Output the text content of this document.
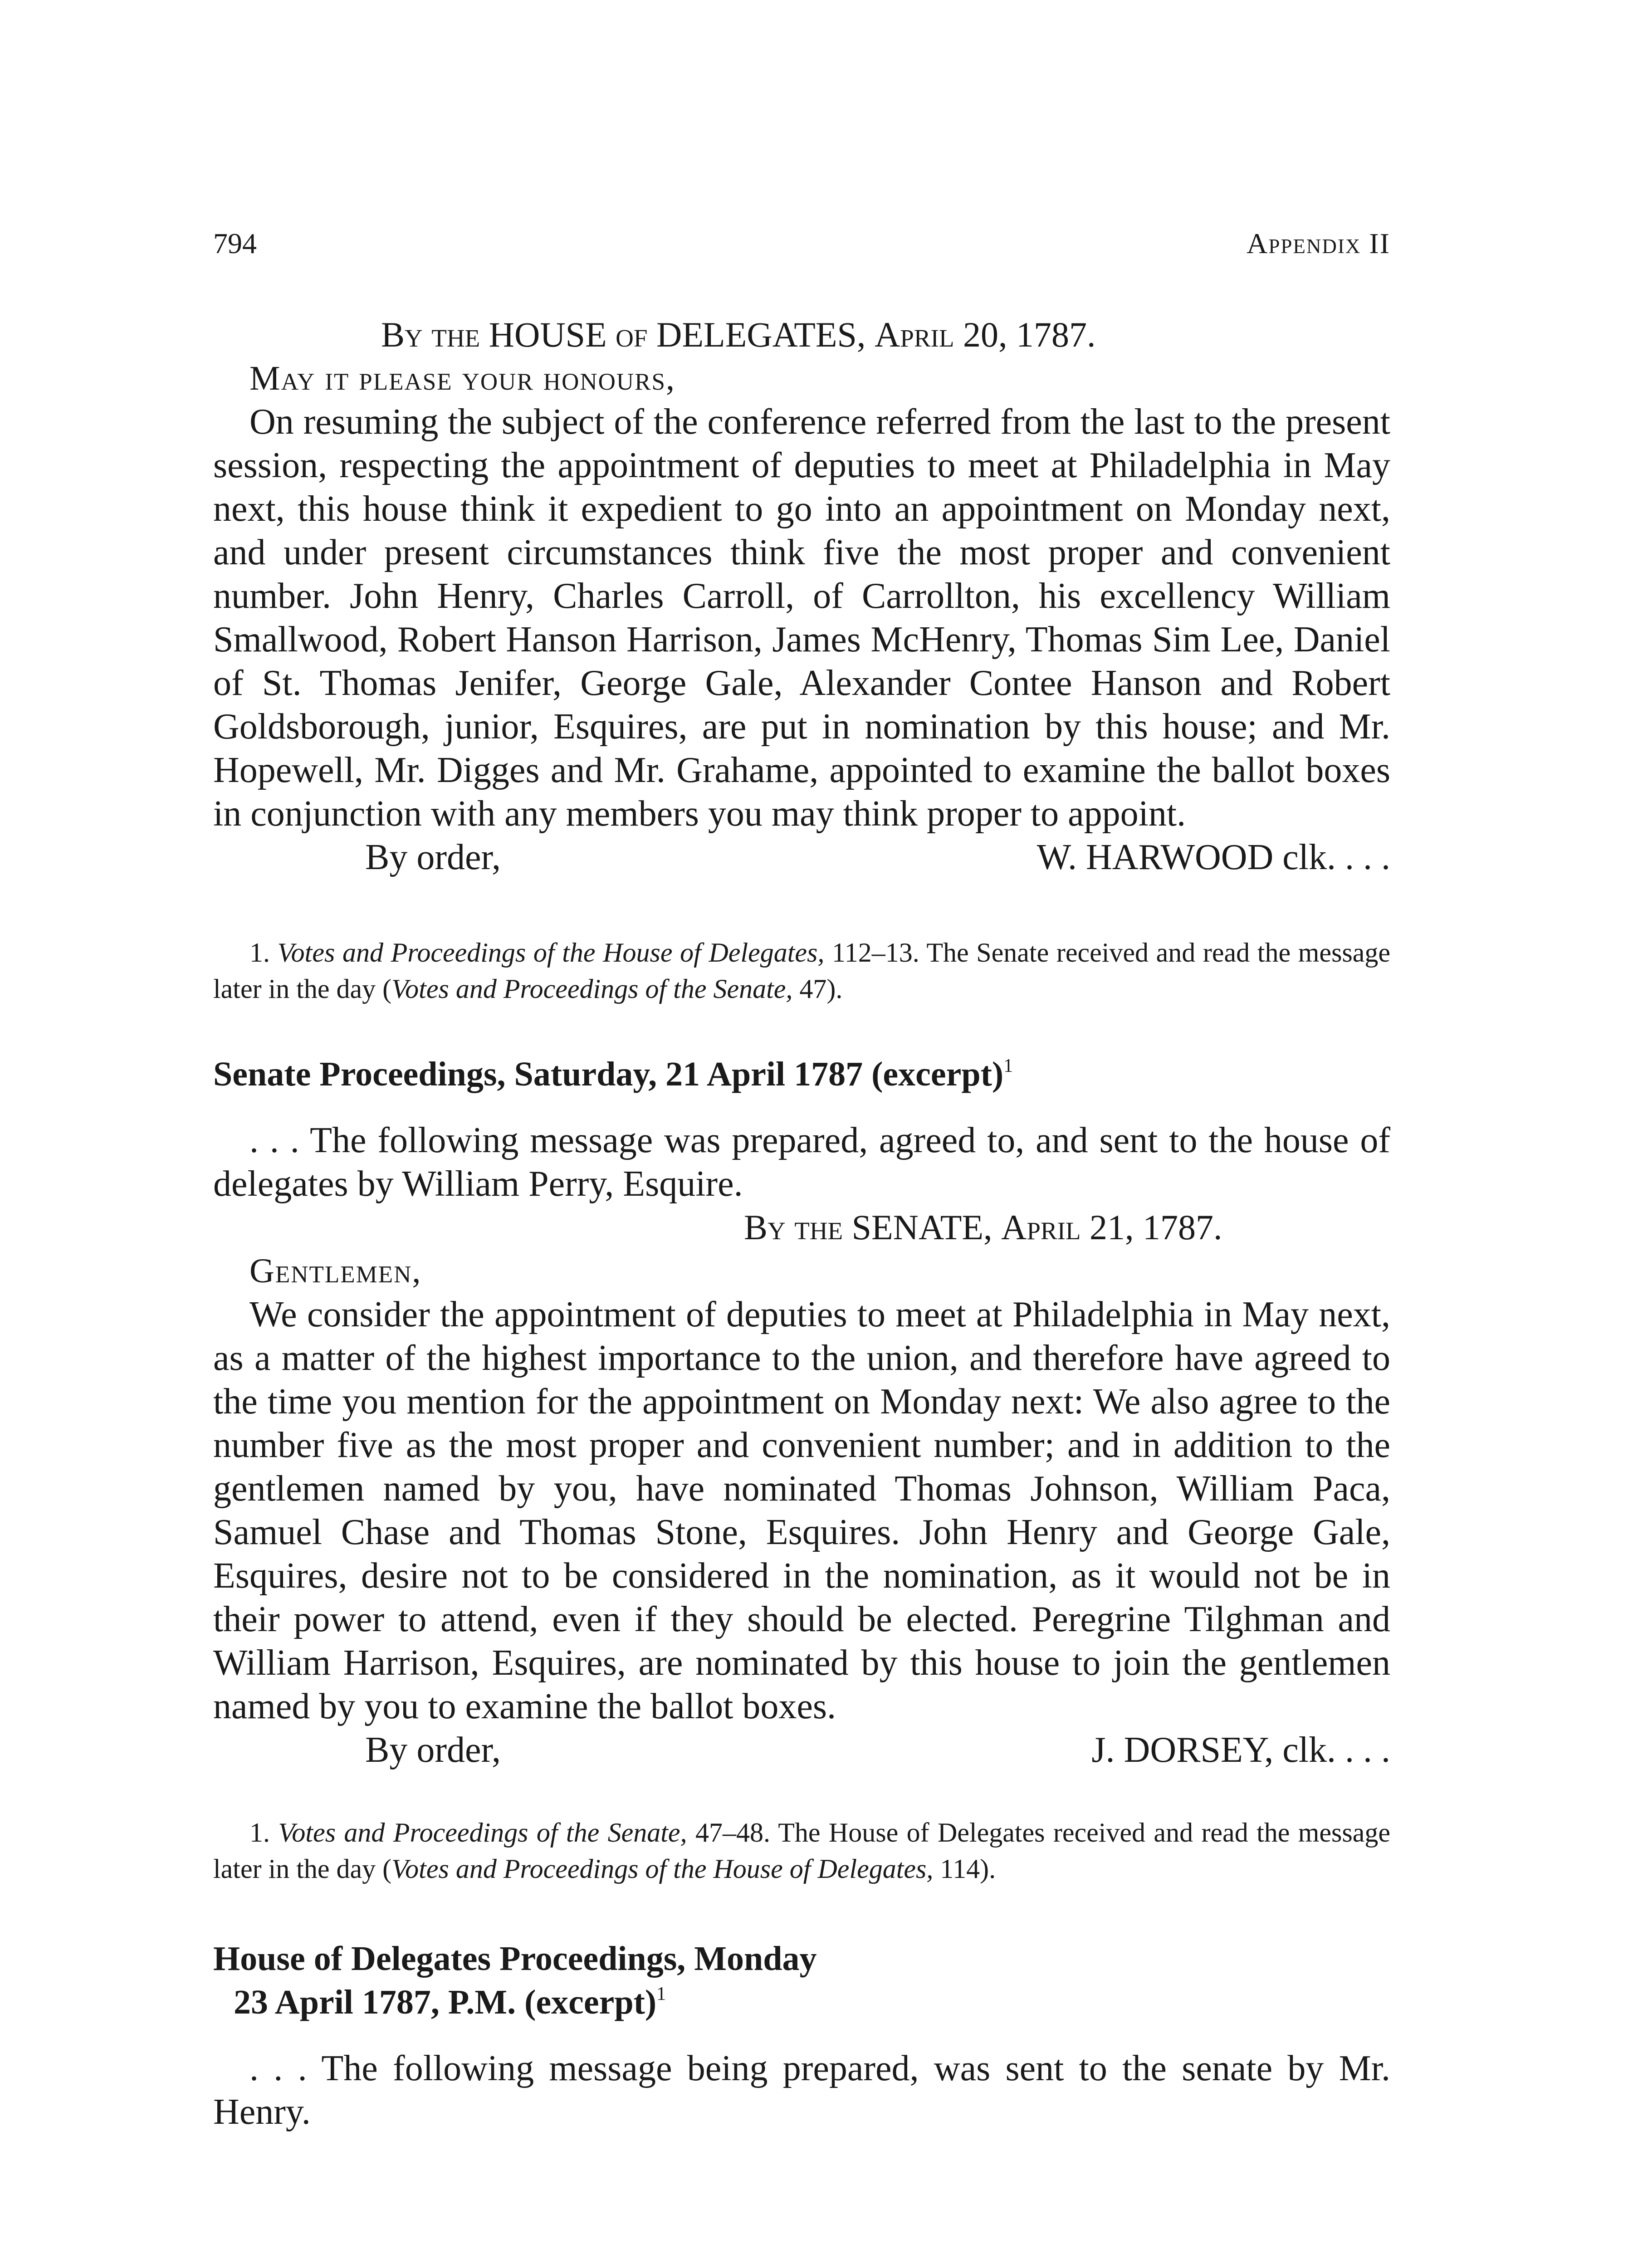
794	Appendix II

By the HOUSE of DELEGATES, April 20, 1787.

May it please your honours,

On resuming the subject of the conference referred from the last to the present session, respecting the appointment of deputies to meet at Philadelphia in May next, this house think it expedient to go into an appointment on Monday next, and under present circumstances think five the most proper and convenient number. John Henry, Charles Carroll, of Carrollton, his excellency William Smallwood, Robert Hanson Harrison, James McHenry, Thomas Sim Lee, Daniel of St. Thomas Jenifer, George Gale, Alexander Contee Hanson and Robert Goldsborough, junior, Esquires, are put in nomination by this house; and Mr. Hopewell, Mr. Digges and Mr. Grahame, appointed to examine the ballot boxes in conjunction with any members you may think proper to appoint.

By order,	W. HARWOOD clk. . . .

1. Votes and Proceedings of the House of Delegates, 112–13. The Senate received and read the message later in the day (Votes and Proceedings of the Senate, 47).

Senate Proceedings, Saturday, 21 April 1787 (excerpt)$^1$

. . . The following message was prepared, agreed to, and sent to the house of delegates by William Perry, Esquire.

By the SENATE, April 21, 1787.

Gentlemen,

We consider the appointment of deputies to meet at Philadelphia in May next, as a matter of the highest importance to the union, and therefore have agreed to the time you mention for the appointment on Monday next: We also agree to the number five as the most proper and convenient number; and in addition to the gentlemen named by you, have nominated Thomas Johnson, William Paca, Samuel Chase and Thomas Stone, Esquires. John Henry and George Gale, Esquires, desire not to be considered in the nomination, as it would not be in their power to attend, even if they should be elected. Peregrine Tilghman and William Harrison, Esquires, are nominated by this house to join the gentlemen named by you to examine the ballot boxes.

By order,	J. DORSEY, clk. . . .

1. Votes and Proceedings of the Senate, 47–48. The House of Delegates received and read the message later in the day (Votes and Proceedings of the House of Delegates, 114).

House of Delegates Proceedings, Monday
23 April 1787, P.M. (excerpt)$^1$

. . . The following message being prepared, was sent to the senate by Mr. Henry.
